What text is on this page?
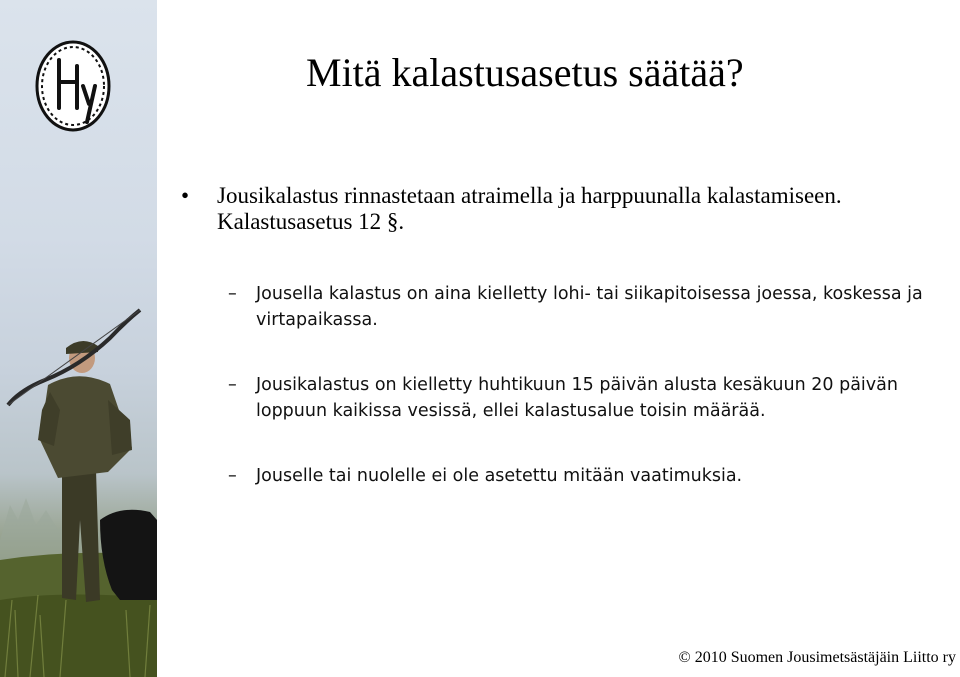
Mitä kalastusasetus säätää?
• Jousikalastus rinnastetaan atraimella ja harppuunalla kalastamiseen. Kalastusasetus 12 §.
– Jousella kalastus on aina kielletty lohi- tai siikapitoisessa joessa, koskessa ja virtapaikassa.
– Jousikalastus on kielletty huhtikuun 15 päivän alusta kesäkuun 20 päivän loppuun kaikissa vesissä, ellei kalastusalue toisin määrää.
– Jouselle tai nuolelle ei ole asetettu mitään vaatimuksia.
© 2010 Suomen Jousimetsästäjäin Liitto ry
